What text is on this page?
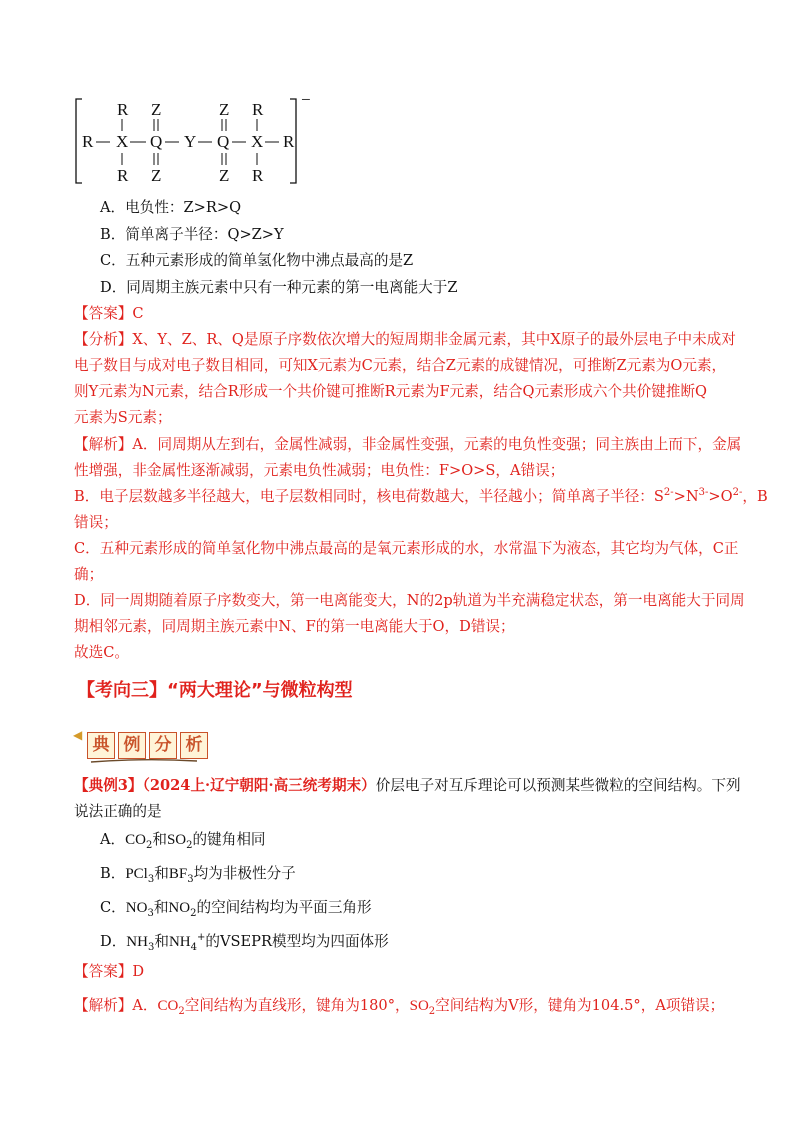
−
R Z	Z R
R X Q Y Q X R
R Z	Z R
A．电负性：Z>R>Q
B．简单离子半径：Q>Z>Y
C．五种元素形成的简单氢化物中沸点最高的是Z
D．同周期主族元素中只有一种元素的第一电离能大于Z
【答案】C
【分析】X、Y、Z、R、Q是原子序数依次增大的短周期非金属元素，其中X原子的最外层电子中未成对
电子数目与成对电子数目相同，可知X元素为C元素，结合Z元素的成键情况，可推断Z元素为O元素，
则Y元素为N元素，结合R形成一个共价键可推断R元素为F元素，结合Q元素形成六个共价键推断Q
元素为S元素；
【解析】A．同周期从左到右，金属性减弱，非金属性变强，元素的电负性变强；同主族由上而下，金属
性增强，非金属性逐渐减弱，元素电负性减弱；电负性：F>O>S，A错误；
B．电子层数越多半径越大，电子层数相同时，核电荷数越大，半径越小；简单离子半径：$S^{2-}>N^{3-}>O^{2-}$，B
错误；
C．五种元素形成的简单氢化物中沸点最高的是氧元素形成的水，水常温下为液态，其它均为气体，C正
确；
D．同一周期随着原子序数变大，第一电离能变大，N的2p轨道为半充满稳定状态，第一电离能大于同周
期相邻元素，同周期主族元素中N、F的第一电离能大于O，D错误；
故选C。
【考向三】“两大理论”与微粒构型
◀ 典 例 分 析
【典例3】（2024上·辽宁朝阳·高三统考期末）价层电子对互斥理论可以预测某些微粒的空间结构。下列
说法正确的是
A．$CO_2$和$SO_2$的键角相同
B．PCl$_3$和$BF_3$均为非极性分子
C．$NO_3$和$NO_2$的空间结构均为平面三角形
D．$NH_3$和$NH_4^+$的VSEPR模型均为四面体形
【答案】D
【解析】A．$CO_2$空间结构为直线形，键角为180°，$SO_2$空间结构为V形，键角为104.5°，A项错误；
